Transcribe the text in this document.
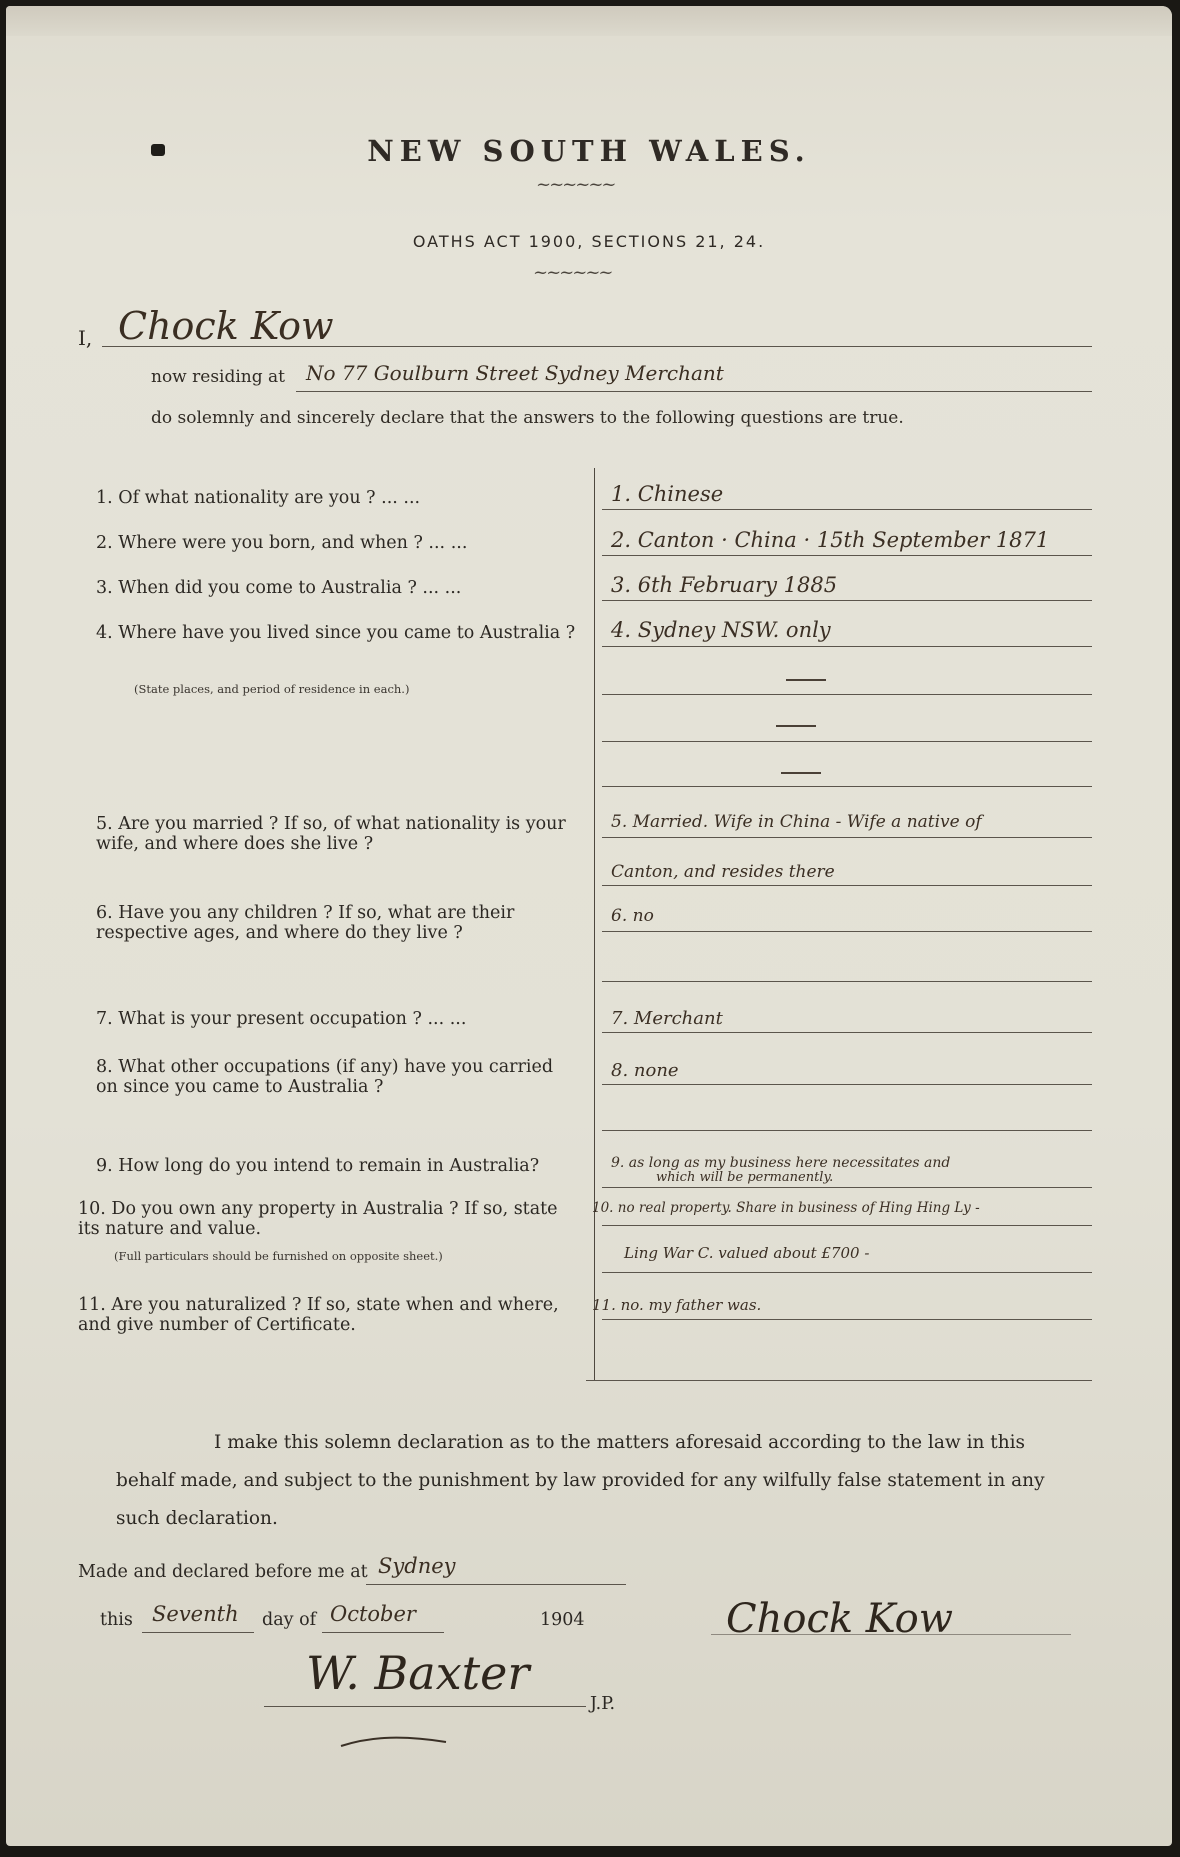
NEW SOUTH WALES.
~~~~~~
OATHS ACT 1900, SECTIONS 21, 24.
~~~~~~
I, Chock Kow
now residing at No 77 Goulburn Street Sydney Merchant
do solemnly and sincerely declare that the answers to the following questions are true.
1. Of what nationality are you ? ... ...
2. Where were you born, and when ? ... ...
3. When did you come to Australia ? ... ...
4. Where have you lived since you came to Australia ?
(State places, and period of residence in each.)
5. Are you married ? If so, of what nationality is your wife, and where does she live ?
6. Have you any children ? If so, what are their respective ages, and where do they live ?
7. What is your present occupation ? ... ...
8. What other occupations (if any) have you carried on since you came to Australia ?
9. How long do you intend to remain in Australia?
10. Do you own any property in Australia ? If so, state its nature and value.
(Full particulars should be furnished on opposite sheet.)
11. Are you naturalized ? If so, state when and where, and give number of Certificate.
1. Chinese
2. Canton · China · 15th September 1871
3. 6th February 1885
4. Sydney NSW. only
5. Married. Wife in China - Wife a native of
Canton, and resides there
6. no
7. Merchant
8. none
9. as long as my business here necessitates and
which will be permanently.
10. no real property. Share in business of Hing Hing Ly -
Ling War C. valued about £700 -
11. no. my father was.
I make this solemn declaration as to the matters aforesaid according to the law in this behalf made, and subject to the punishment by law provided for any wilfully false statement in any such declaration.
Made and declared before me at Sydney
this Seventh day of October	1904	Chock Kow
W. Baxter
J.P.
